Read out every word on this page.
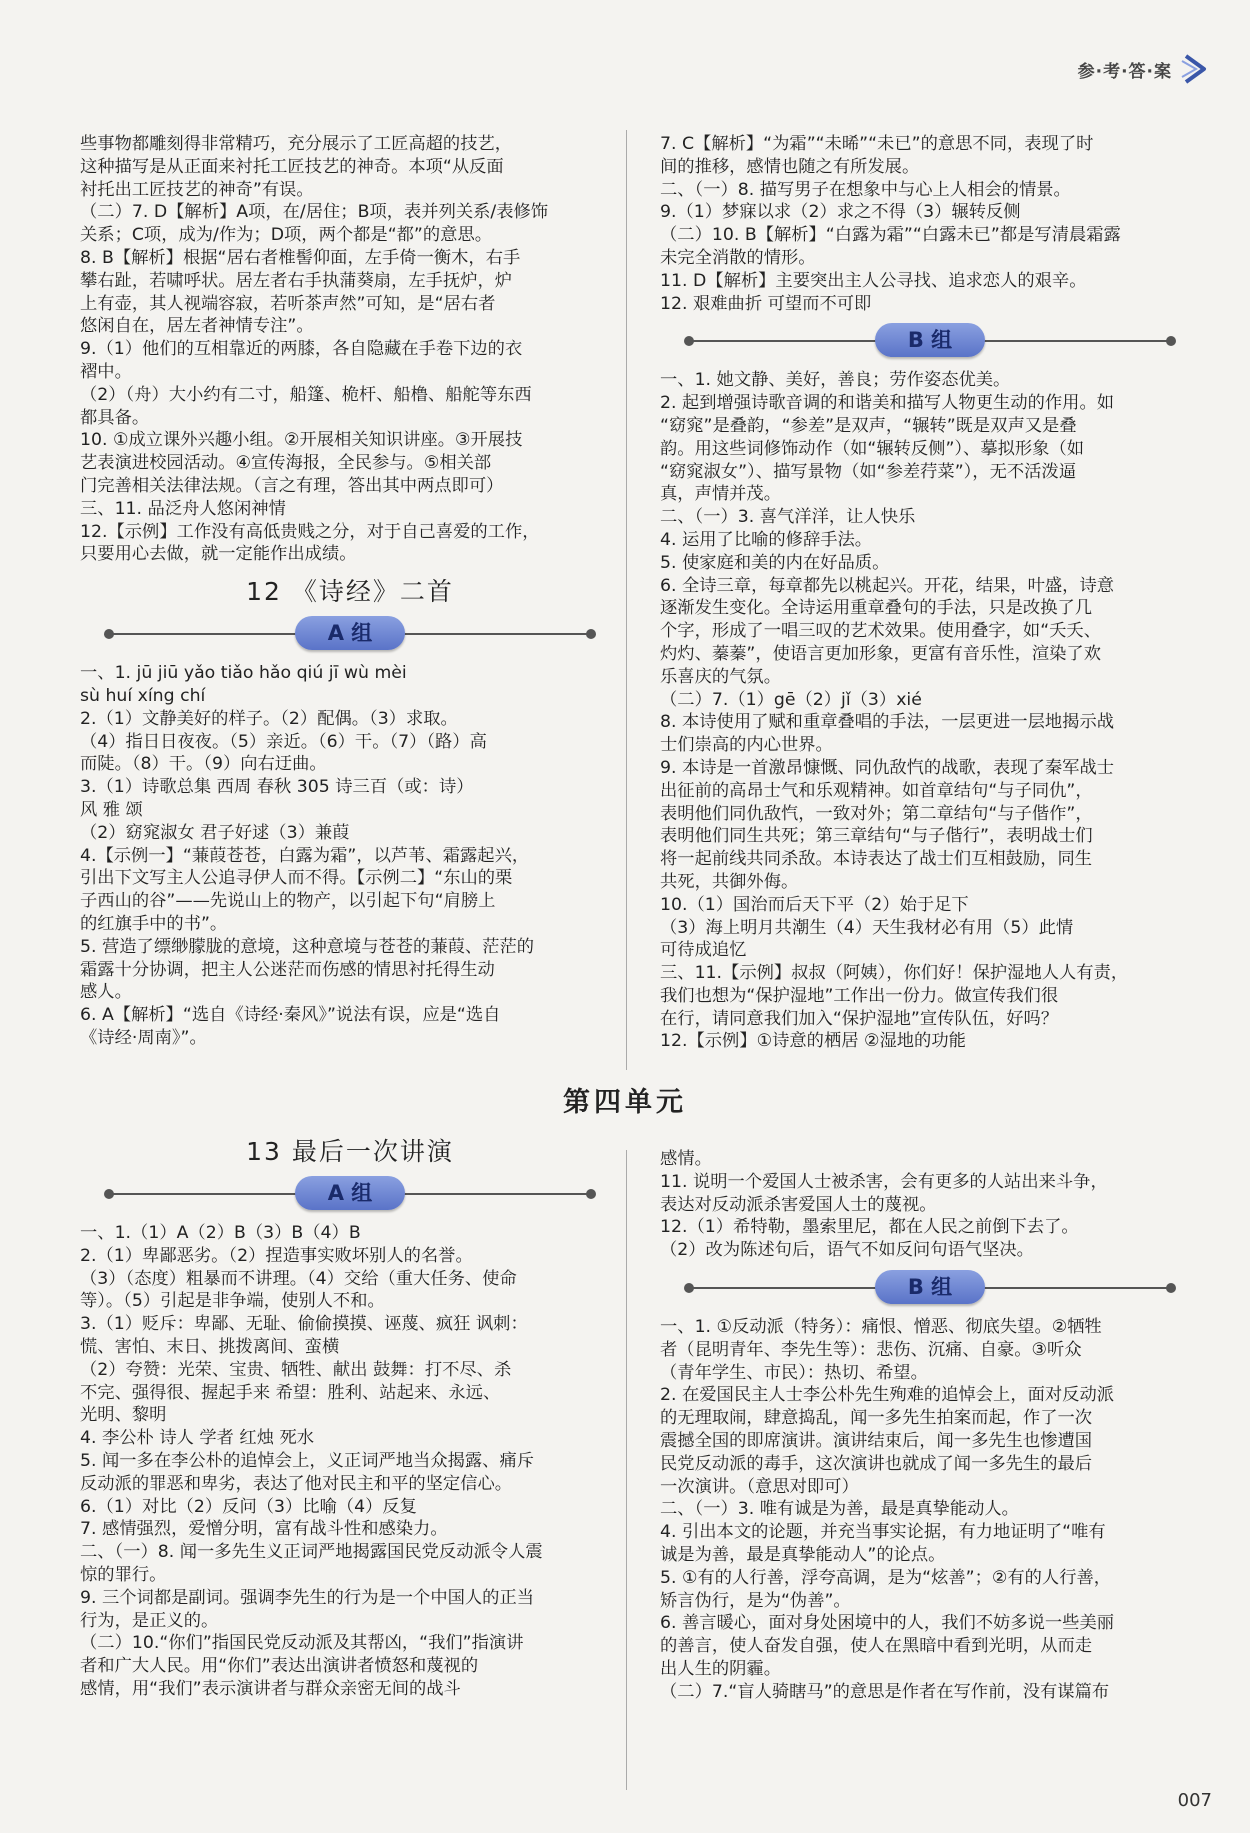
参·考·答·案

些事物都雕刻得非常精巧，充分展示了工匠高超的技艺，

这种描写是从正面来衬托工匠技艺的神奇。本项“从反面

衬托出工匠技艺的神奇”有误。

（二）7. D【解析】A项，在/居住；B项，表并列关系/表修饰

关系；C项，成为/作为；D项，两个都是“都”的意思。

8. B【解析】根据“居右者椎髻仰面，左手倚一衡木，右手

攀右趾，若啸呼状。居左者右手执蒲葵扇，左手抚炉，炉

上有壶，其人视端容寂，若听茶声然”可知，是“居右者

悠闲自在，居左者神情专注”。

9.（1）他们的互相靠近的两膝，各自隐藏在手卷下边的衣

褶中。

（2）（舟）大小约有二寸，船篷、桅杆、船橹、船舵等东西

都具备。

10. ①成立课外兴趣小组。②开展相关知识讲座。③开展技

艺表演进校园活动。④宣传海报，全民参与。⑤相关部

门完善相关法律法规。（言之有理，答出其中两点即可）

三、11. 品泛舟人悠闲神情

12.【示例】工作没有高低贵贱之分，对于自己喜爱的工作，

只要用心去做，就一定能作出成绩。

12 《诗经》二首
A 组

一、1. jū jiū yǎo tiǎo hǎo qiú jī wù mèi

sù huí xíng chí

2.（1）文静美好的样子。（2）配偶。（3）求取。

（4）指日日夜夜。（5）亲近。（6）干。（7）（路）高

而陡。（8）干。（9）向右迂曲。

3.（1）诗歌总集 西周 春秋 305 诗三百（或：诗）

风 雅 颂

（2）窈窕淑女 君子好逑（3）兼葭

4.【示例一】“蒹葭苍苍，白露为霜”，以芦苇、霜露起兴，

引出下文写主人公追寻伊人而不得。【示例二】“东山的栗

子西山的谷”——先说山上的物产，以引起下句“肩膀上

的红旗手中的书”。

5. 营造了缥缈朦胧的意境，这种意境与苍苍的蒹葭、茫茫的

霜露十分协调，把主人公迷茫而伤感的情思衬托得生动

感人。

6. A【解析】“选自《诗经·秦风》”说法有误，应是“选自

《诗经·周南》”。

7. C【解析】“为霜”“未晞”“未已”的意思不同，表现了时

间的推移，感情也随之有所发展。

二、（一）8. 描写男子在想象中与心上人相会的情景。

9.（1）梦寐以求（2）求之不得（3）辗转反侧

（二）10. B【解析】“白露为霜”“白露未已”都是写清晨霜露

未完全消散的情形。

11. D【解析】主要突出主人公寻找、追求恋人的艰辛。

12. 艰难曲折 可望而不可即

B 组

一、1. 她文静、美好，善良；劳作姿态优美。

2. 起到增强诗歌音调的和谐美和描写人物更生动的作用。如

“窈窕”是叠韵，“参差”是双声，“辗转”既是双声又是叠

韵。用这些词修饰动作（如“辗转反侧”）、摹拟形象（如

“窈窕淑女”）、描写景物（如“参差荇菜”），无不活泼逼

真，声情并茂。

二、（一）3. 喜气洋洋，让人快乐

4. 运用了比喻的修辞手法。

5. 使家庭和美的内在好品质。

6. 全诗三章，每章都先以桃起兴。开花，结果，叶盛，诗意

逐渐发生变化。全诗运用重章叠句的手法，只是改换了几

个字，形成了一唱三叹的艺术效果。使用叠字，如“夭夭、

灼灼、蓁蓁”，使语言更加形象，更富有音乐性，渲染了欢

乐喜庆的气氛。

（二）7.（1）gē（2）jǐ（3）xié

8. 本诗使用了赋和重章叠唱的手法，一层更进一层地揭示战

士们崇高的内心世界。

9. 本诗是一首激昂慷慨、同仇敌忾的战歌，表现了秦军战士

出征前的高昂士气和乐观精神。如首章结句“与子同仇”，

表明他们同仇敌忾，一致对外；第二章结句“与子偕作”，

表明他们同生共死；第三章结句“与子偕行”，表明战士们

将一起前线共同杀敌。本诗表达了战士们互相鼓励，同生

共死，共御外侮。

10.（1）国治而后天下平（2）始于足下

（3）海上明月共潮生（4）天生我材必有用（5）此情

可待成追忆

三、11.【示例】叔叔（阿姨），你们好！保护湿地人人有责，

我们也想为“保护湿地”工作出一份力。做宣传我们很

在行，请同意我们加入“保护湿地”宣传队伍，好吗？

12.【示例】①诗意的栖居 ②湿地的功能

第四单元
13 最后一次讲演
A 组

一、1.（1）A（2）B（3）B（4）B

2.（1）卑鄙恶劣。（2）捏造事实败坏别人的名誉。

（3）（态度）粗暴而不讲理。（4）交给（重大任务、使命

等）。（5）引起是非争端，使别人不和。

3.（1）贬斥：卑鄙、无耻、偷偷摸摸、诬蔑、疯狂 讽刺：

慌、害怕、末日、挑拨离间、蛮横

（2）夸赞：光荣、宝贵、牺牲、献出 鼓舞：打不尽、杀

不完、强得很、握起手来 希望：胜利、站起来、永远、

光明、黎明

4. 李公朴 诗人 学者 红烛 死水

5. 闻一多在李公朴的追悼会上，义正词严地当众揭露、痛斥

反动派的罪恶和卑劣，表达了他对民主和平的坚定信心。

6.（1）对比（2）反问（3）比喻（4）反复

7. 感情强烈，爱憎分明，富有战斗性和感染力。

二、（一）8. 闻一多先生义正词严地揭露国民党反动派令人震

惊的罪行。

9. 三个词都是副词。强调李先生的行为是一个中国人的正当

行为，是正义的。

（二）10.“你们”指国民党反动派及其帮凶，“我们”指演讲

者和广大人民。用“你们”表达出演讲者愤怒和蔑视的

感情，用“我们”表示演讲者与群众亲密无间的战斗

感情。

11. 说明一个爱国人士被杀害，会有更多的人站出来斗争，

表达对反动派杀害爱国人士的蔑视。

12.（1）希特勒，墨索里尼，都在人民之前倒下去了。

（2）改为陈述句后，语气不如反问句语气坚决。

B 组

一、1. ①反动派（特务）：痛恨、憎恶、彻底失望。②牺牲

者（昆明青年、李先生等）：悲伤、沉痛、自豪。③听众

（青年学生、市民）：热切、希望。

2. 在爱国民主人士李公朴先生殉难的追悼会上，面对反动派

的无理取闹，肆意捣乱，闻一多先生拍案而起，作了一次

震撼全国的即席演讲。演讲结束后，闻一多先生也惨遭国

民党反动派的毒手，这次演讲也就成了闻一多先生的最后

一次演讲。（意思对即可）

二、（一）3. 唯有诚是为善，最是真挚能动人。

4. 引出本文的论题，并充当事实论据，有力地证明了“唯有

诚是为善，最是真挚能动人”的论点。

5. ①有的人行善，浮夸高调，是为“炫善”；②有的人行善，

矫言伪行，是为“伪善”。

6. 善言暖心，面对身处困境中的人，我们不妨多说一些美丽

的善言，使人奋发自强，使人在黑暗中看到光明，从而走

出人生的阴霾。

（二）7.“盲人骑瞎马”的意思是作者在写作前，没有谋篇布

007
